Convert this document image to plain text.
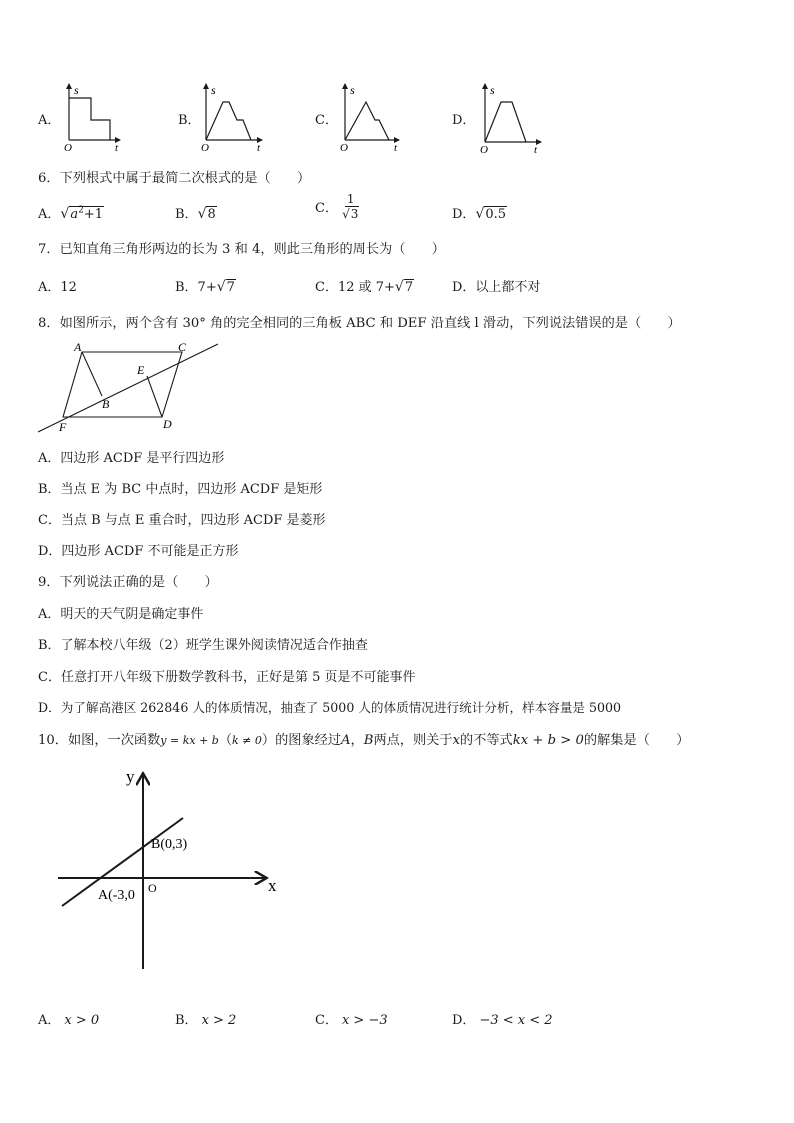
A．
s
O	t
B．
s
O	t
C．
s
O	t
D．
s
O	t
6．下列根式中属于最简二次根式的是（　　）
A．$√a^2+1$	B．√8	C． $\frac{1}{√3}$	D．√0.5
7．已知直角三角形两边的长为 3 和 4，则此三角形的周长为（　　）
A．12	B．7+√7	C．12 或 7+√7	D．以上都不对
8．如图所示，两个含有 30° 角的完全相同的三角板 ABC 和 DEF 沿直线 l 滑动，下列说法错误的是（　　）
A	C
B
E
D
F
A．四边形 ACDF 是平行四边形
B．当点 E 为 BC 中点时，四边形 ACDF 是矩形
C．当点 B 与点 E 重合时，四边形 ACDF 是菱形
D．四边形 ACDF 不可能是正方形
9．下列说法正确的是（　　）
A．明天的天气阴是确定事件
B．了解本校八年级（2）班学生课外阅读情况适合作抽查
C．任意打开八年级下册数学教科书，正好是第 5 页是不可能事件
D．为了解高港区 262846 人的体质情况，抽查了 5000 人的体质情况进行统计分析，样本容量是 5000
10．如图，一次函数y = kx + b（k ≠ 0）的图象经过A，B两点，则关于x的不等式kx + b > 0的解集是（　　）
y
x
O
A(-3,0
B(0,3)
A． x > 0	B． x > 2	C． x > −3	D． −3 < x < 2
